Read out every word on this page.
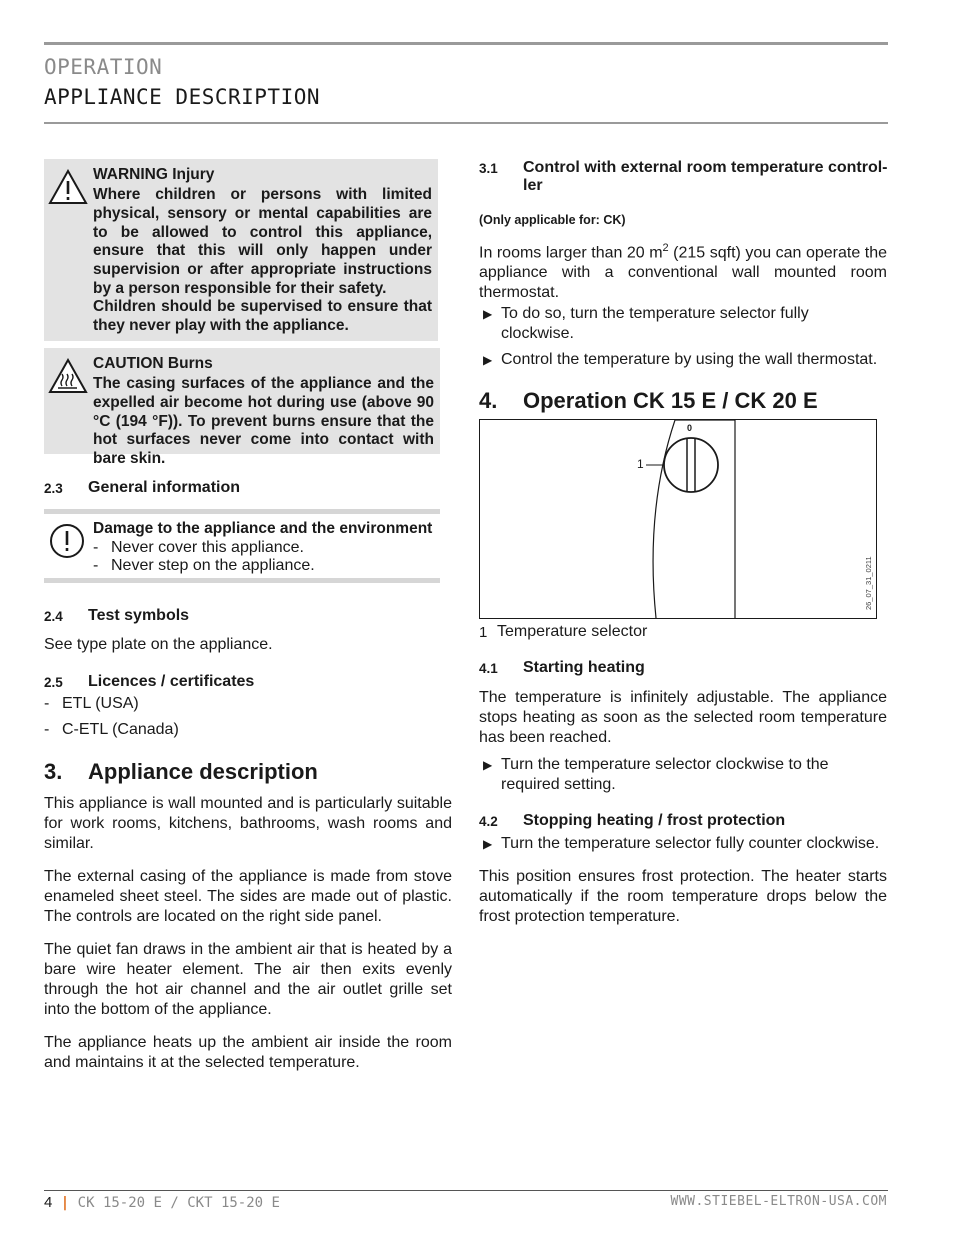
OPERATION
APPLIANCE DESCRIPTION
WARNING Injury
Where children or persons with limited physical, sensory or mental capabilities are to be allowed to control this appliance, ensure that this will only happen under supervision or after appropriate instructions by a person responsible for their safety.
Children should be supervised to ensure that they never play with the appliance.
CAUTION Burns
The casing surfaces of the appliance and the expelled air become hot during use (above 90 °C (194 °F)). To prevent burns ensure that the hot surfaces never come into contact with bare skin.
2.3 General information
Damage to the appliance and the environment
- Never cover this appliance.
- Never step on the appliance.
2.4 Test symbols
See type plate on the appliance.
2.5 Licences / certificates
- ETL (USA)
- C-ETL (Canada)
3. Appliance description
This appliance is wall mounted and is particularly suitable for work rooms, kitchens, bathrooms, wash rooms and similar.
The external casing of the appliance is made from stove enameled sheet steel. The sides are made out of plastic. The controls are located on the right side panel.
The quiet fan draws in the ambient air that is heated by a bare wire heater element. The air then exits evenly through the hot air channel and the air outlet grille set into the bottom of the appliance.
The appliance heats up the ambient air inside the room and maintains it at the selected temperature.
3.1 Control with external room temperature control-
ler
(Only applicable for: CK)
In rooms larger than 20 $m^2$ (215 sqft) you can operate the appliance with a conventional wall mounted room thermostat.
▶ To do so, turn the temperature selector fully clockwise.
▶ Control the temperature by using the wall thermostat.
4. Operation CK 15 E / CK 20 E
0
1
26_07_31_0211
1 Temperature selector
4.1 Starting heating
The temperature is infinitely adjustable. The appliance stops heating as soon as the selected room temperature has been reached.
▶ Turn the temperature selector clockwise to the required setting.
4.2 Stopping heating / frost protection
▶ Turn the temperature selector fully counter clockwise.
This position ensures frost protection. The heater starts automatically if the room temperature drops below the frost protection temperature.
4 | CK 15-20 E / CKT 15-20 E	WWW.STIEBEL-ELTRON-USA.COM
